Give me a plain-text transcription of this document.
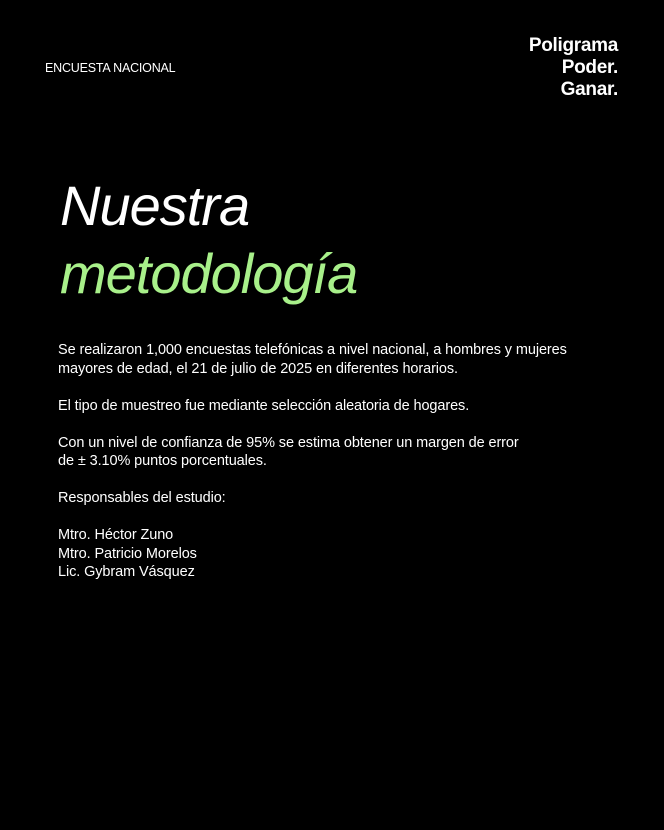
ENCUESTA NACIONAL
Poligrama
Poder.
Ganar.
Nuestra
metodología

Se realizaron 1,000 encuestas telefónicas a nivel nacional, a hombres y mujeres
mayores de edad, el 21 de julio de 2025 en diferentes horarios.

El tipo de muestreo fue mediante selección aleatoria de hogares.

Con un nivel de confianza de 95% se estima obtener un margen de error
de ± 3.10% puntos porcentuales.

Responsables del estudio:

Mtro. Héctor Zuno

Mtro. Patricio Morelos

Lic. Gybram Vásquez
